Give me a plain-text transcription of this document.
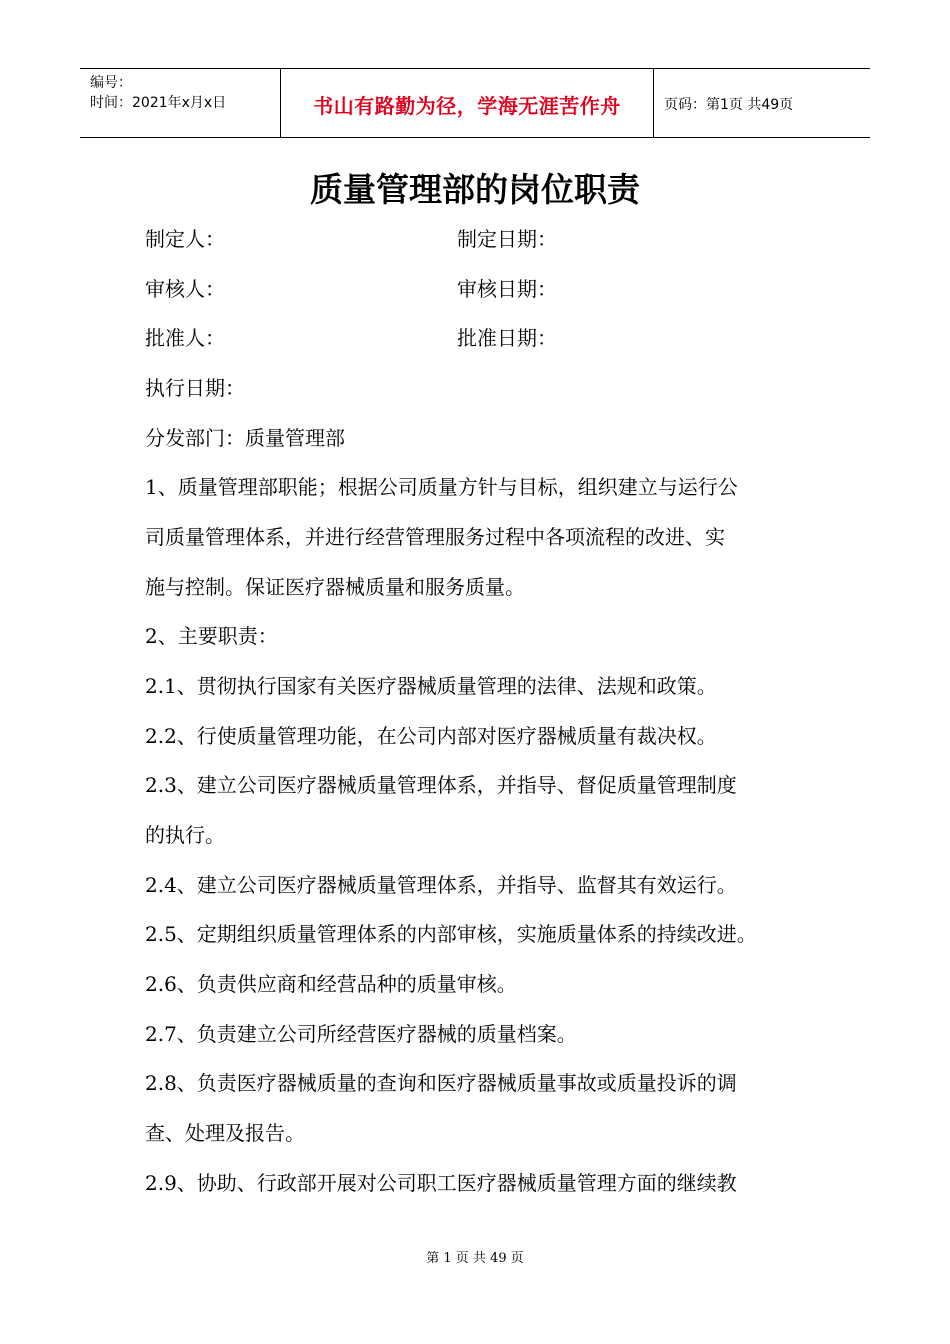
编号：
时间：2021年x月x日	书山有路勤为径，学海无涯苦作舟	页码：第1页 共49页
质量管理部的岗位职责
制定人：	制定日期：
审核人：	审核日期：
批准人：	批准日期：
执行日期：
分发部门：质量管理部
1、质量管理部职能；根据公司质量方针与目标，组织建立与运行公
司质量管理体系，并进行经营管理服务过程中各项流程的改进、实
施与控制。保证医疗器械质量和服务质量。
2、主要职责：
2.1、贯彻执行国家有关医疗器械质量管理的法律、法规和政策。
2.2、行使质量管理功能，在公司内部对医疗器械质量有裁决权。
2.3、建立公司医疗器械质量管理体系，并指导、督促质量管理制度
的执行。
2.4、建立公司医疗器械质量管理体系，并指导、监督其有效运行。
2.5、定期组织质量管理体系的内部审核，实施质量体系的持续改进。
2.6、负责供应商和经营品种的质量审核。
2.7、负责建立公司所经营医疗器械的质量档案。
2.8、负责医疗器械质量的查询和医疗器械质量事故或质量投诉的调
查、处理及报告。
2.9、协助、行政部开展对公司职工医疗器械质量管理方面的继续教
第 1 页 共 49 页
